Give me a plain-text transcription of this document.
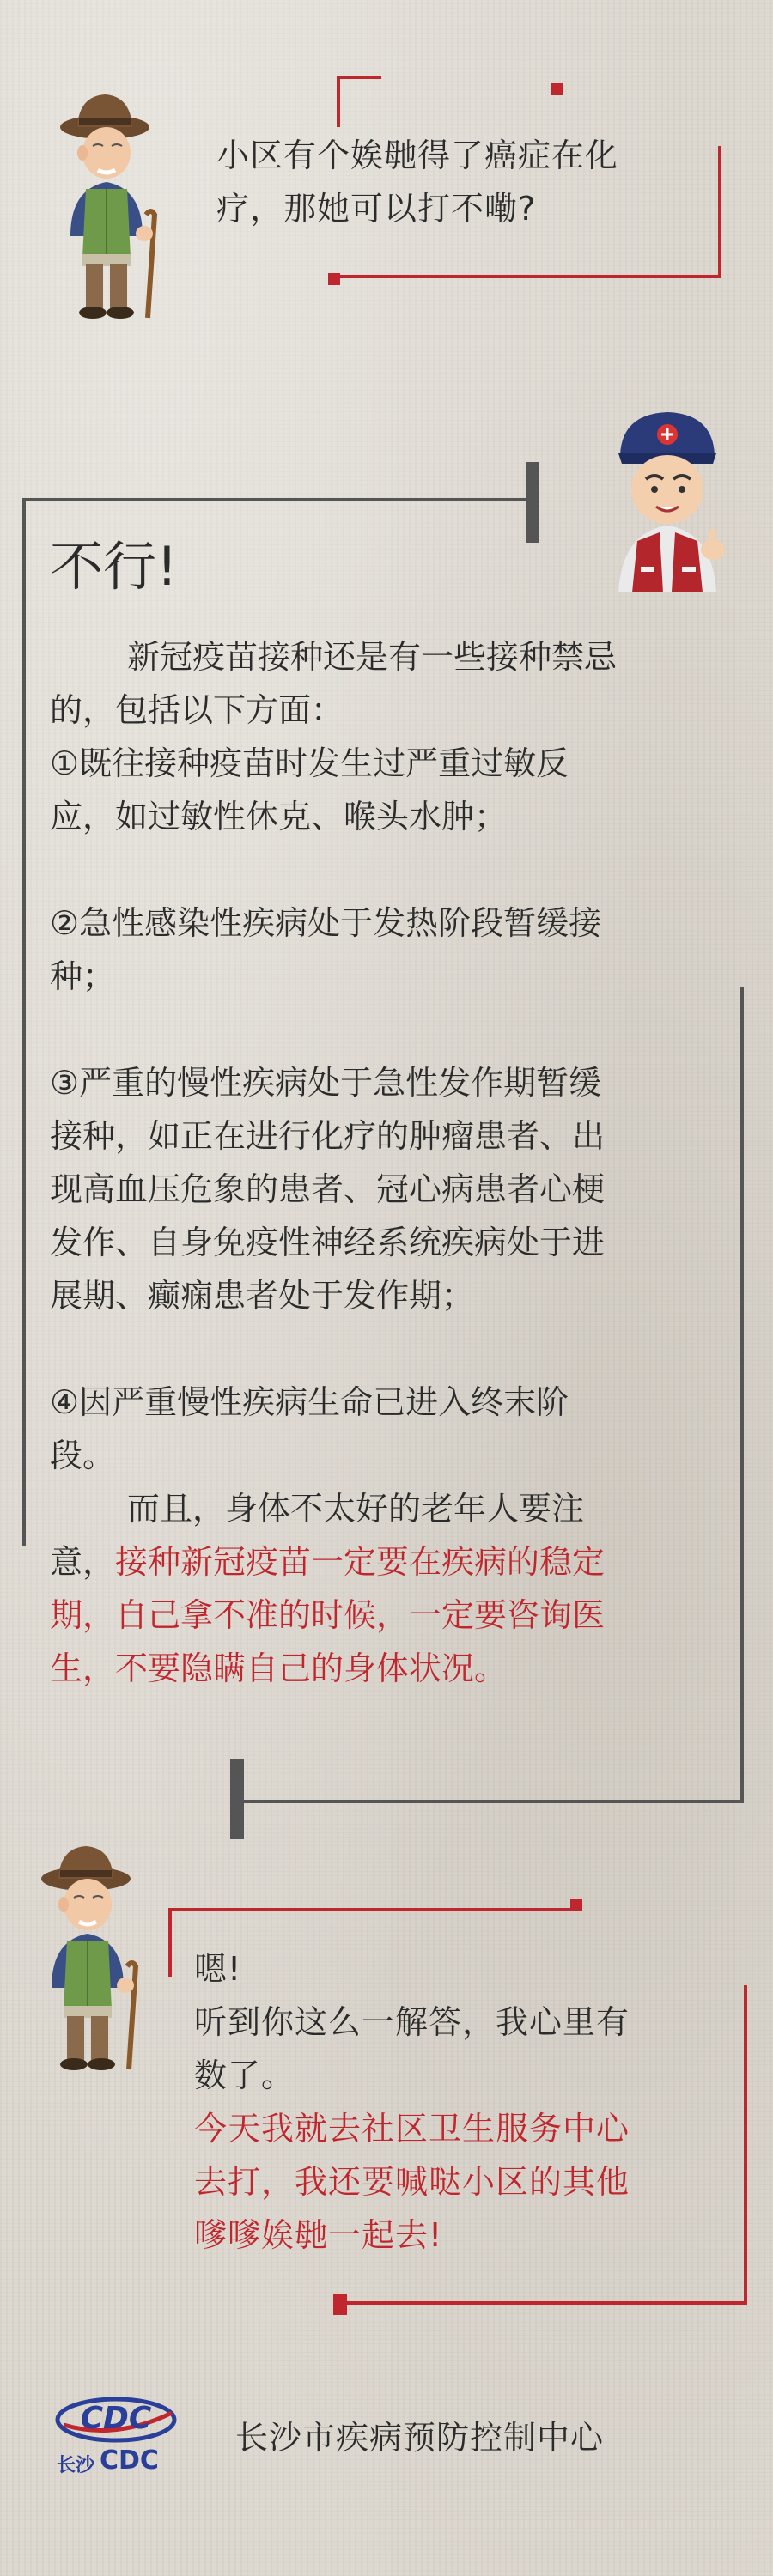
小区有个娭毑得了癌症在化
疗，那她可以打不嘞?
不行!

新冠疫苗接种还是有一些接种禁忌

的，包括以下方面：

①既往接种疫苗时发生过严重过敏反

应，如过敏性休克、喉头水肿；

②急性感染性疾病处于发热阶段暂缓接

种；

③严重的慢性疾病处于急性发作期暂缓

接种，如正在进行化疗的肿瘤患者、出

现高血压危象的患者、冠心病患者心梗

发作、自身免疫性神经系统疾病处于进

展期、癫痫患者处于发作期；

④因严重慢性疾病生命已进入终末阶

段。

而且，身体不太好的老年人要注

意，接种新冠疫苗一定要在疾病的稳定

期，自己拿不准的时候，一定要咨询医

生，不要隐瞒自己的身体状况。

嗯!
听到你这么一解答，我心里有
数了。
今天我就去社区卫生服务中心
去打，我还要喊哒小区的其他
嗲嗲娭毑一起去!
CDC
长沙 CDC
长沙市疾病预防控制中心
